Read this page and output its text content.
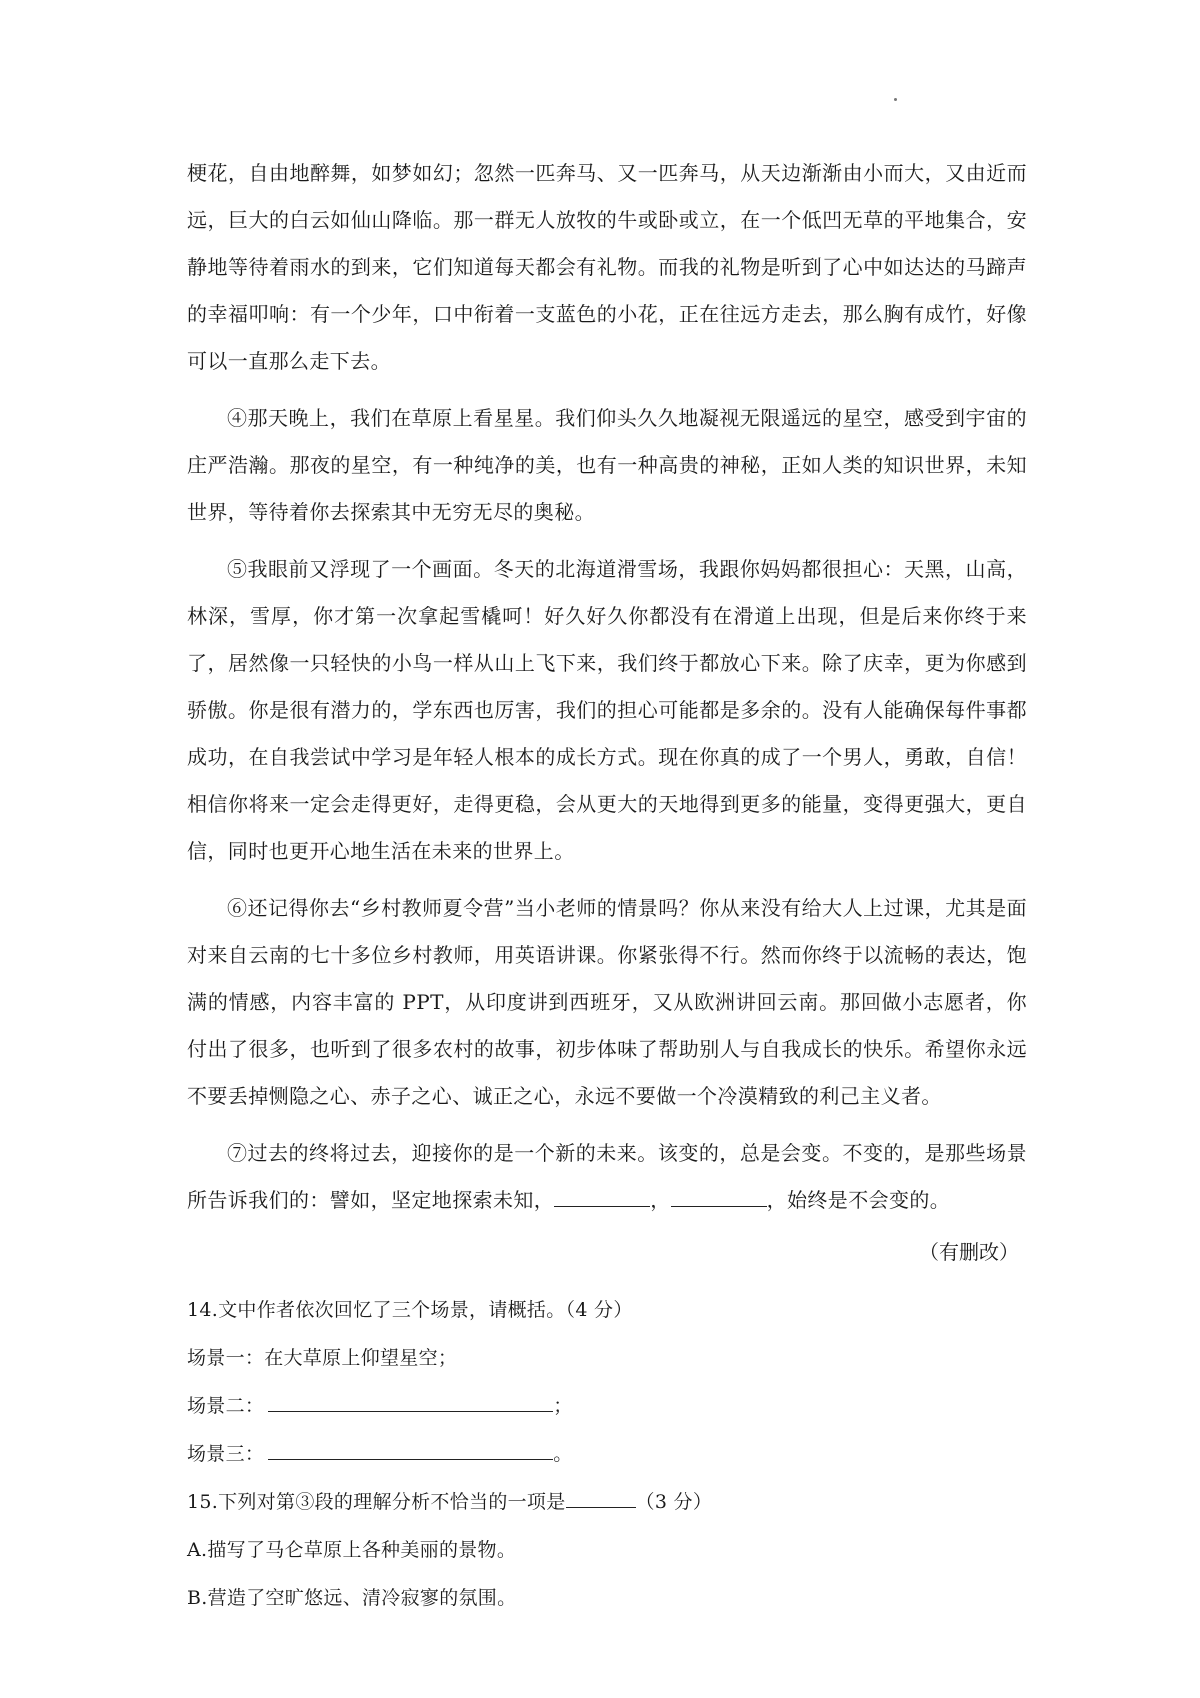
梗花，自由地醉舞，如梦如幻；忽然一匹奔马、又一匹奔马，从天边渐渐由小而大，又由近而远，巨大的白云如仙山降临。那一群无人放牧的牛或卧或立，在一个低凹无草的平地集合，安静地等待着雨水的到来，它们知道每天都会有礼物。而我的礼物是听到了心中如达达的马蹄声的幸福叩响：有一个少年，口中衔着一支蓝色的小花，正在往远方走去，那么胸有成竹，好像可以一直那么走下去。

④那天晚上，我们在草原上看星星。我们仰头久久地凝视无限遥远的星空，感受到宇宙的庄严浩瀚。那夜的星空，有一种纯净的美，也有一种高贵的神秘，正如人类的知识世界，未知世界，等待着你去探索其中无穷无尽的奥秘。

⑤我眼前又浮现了一个画面。冬天的北海道滑雪场，我跟你妈妈都很担心：天黑，山高，林深，雪厚，你才第一次拿起雪橇呵！好久好久你都没有在滑道上出现，但是后来你终于来了，居然像一只轻快的小鸟一样从山上飞下来，我们终于都放心下来。除了庆幸，更为你感到骄傲。你是很有潜力的，学东西也厉害，我们的担心可能都是多余的。没有人能确保每件事都成功，在自我尝试中学习是年轻人根本的成长方式。现在你真的成了一个男人，勇敢，自信！相信你将来一定会走得更好，走得更稳，会从更大的天地得到更多的能量，变得更强大，更自信，同时也更开心地生活在未来的世界上。

⑥还记得你去“乡村教师夏令营”当小老师的情景吗？你从来没有给大人上过课，尤其是面对来自云南的七十多位乡村教师，用英语讲课。你紧张得不行。然而你终于以流畅的表达，饱满的情感，内容丰富的 PPT，从印度讲到西班牙，又从欧洲讲回云南。那回做小志愿者，你付出了很多，也听到了很多农村的故事，初步体味了帮助别人与自我成长的快乐。希望你永远不要丢掉恻隐之心、赤子之心、诚正之心，永远不要做一个冷漠精致的利己主义者。

⑦过去的终将过去，迎接你的是一个新的未来。该变的，总是会变。不变的，是那些场景所告诉我们的：譬如，坚定地探索未知，	，	，始终是不会变的。

（有删改）

14.文中作者依次回忆了三个场景，请概括。（4 分）

场景一：在大草原上仰望星空；

场景二：	；

场景三：	。

15.下列对第③段的理解分析不恰当的一项是	（3 分）

A.描写了马仑草原上各种美丽的景物。

B.营造了空旷悠远、清冷寂寥的氛围。
